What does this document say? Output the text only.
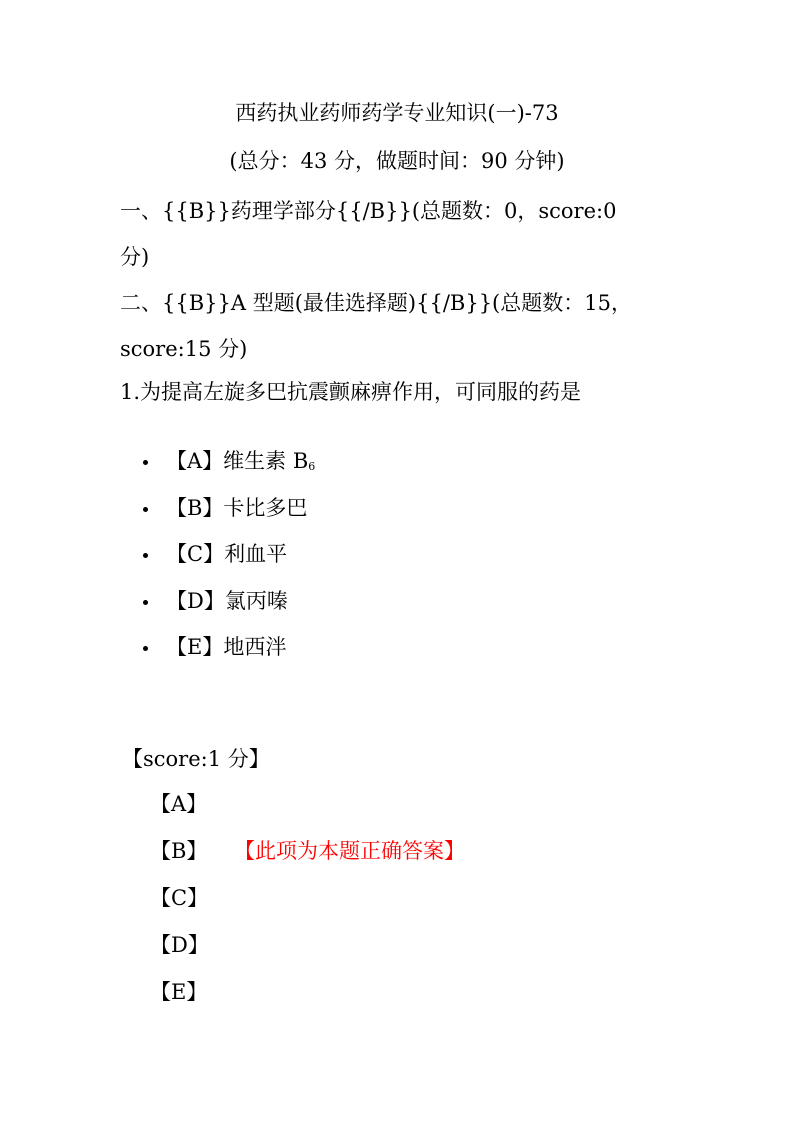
西药执业药师药学专业知识(一)-73
(总分：43 分，做题时间：90 分钟)
一、{{B}}药理学部分{{/B}}(总题数：0，score:0
分)
二、{{B}}A 型题(最佳选择题){{/B}}(总题数：15，
score:15 分)
1.为提高左旋多巴抗震颤麻痹作用，可同服的药是
【A】维生素 $B_6$
【B】卡比多巴
【C】利血平
【D】氯丙嗪
【E】地西泮
【score:1 分】
【A】
【B】 【此项为本题正确答案】
【C】
【D】
【E】
